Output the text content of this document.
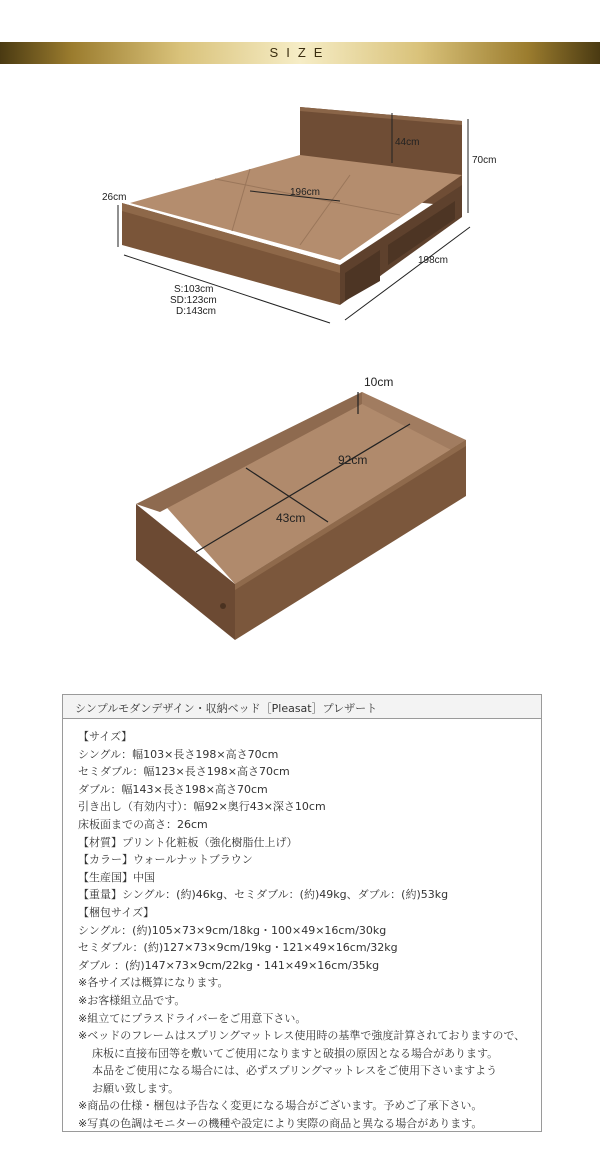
SIZE
44cm
70cm
196cm
26cm
198cm
S:103cm
SD:123cm
D:143cm
10cm
92cm
43cm
シンプルモダンデザイン・収納ベッド［Pleasat］プレザート
【サイズ】
シングル：幅103×長さ198×高さ70cm
セミダブル：幅123×長さ198×高さ70cm
ダブル：幅143×長さ198×高さ70cm
引き出し（有効内寸）：幅92×奥行43×深さ10cm
床板面までの高さ：26cm
【材質】プリント化粧板（強化樹脂仕上げ）
【カラー】ウォールナットブラウン
【生産国】中国
【重量】シングル：(約)46kg、セミダブル：(約)49kg、ダブル：(約)53kg
【梱包サイズ】
シングル：(約)105×73×9cm/18kg・100×49×16cm/30kg
セミダブル：(約)127×73×9cm/19kg・121×49×16cm/32kg
ダブル ：(約)147×73×9cm/22kg・141×49×16cm/35kg
※各サイズは概算になります。
※お客様組立品です。
※組立てにプラスドライバーをご用意下さい。
※ベッドのフレームはスプリングマットレス使用時の基準で強度計算されておりますので、
床板に直接布団等を敷いてご使用になりますと破損の原因となる場合があります。
本品をご使用になる場合には、必ずスプリングマットレスをご使用下さいますよう
お願い致します。
※商品の仕様・梱包は予告なく変更になる場合がございます。予めご了承下さい。
※写真の色調はモニターの機種や設定により実際の商品と異なる場合があります。
